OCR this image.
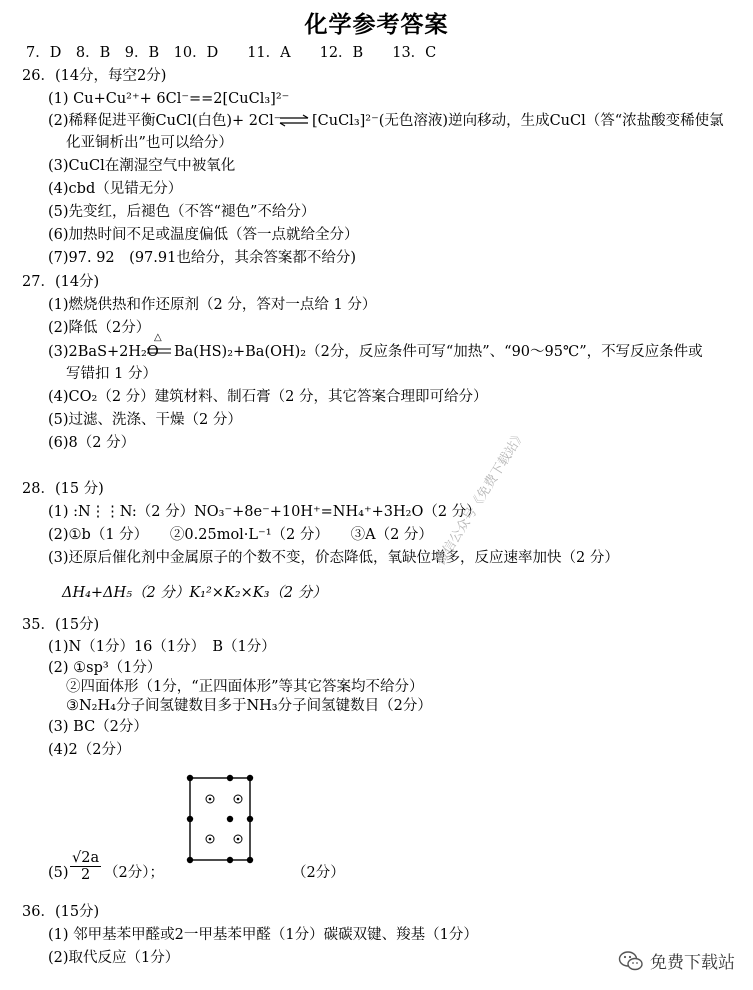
化学参考答案
7．D　8．B　9．B　10．D　　11．A　　12．B　　13．C
26．(14分，每空2分)
(1) Cu+Cu²⁺+ 6Cl⁻==2[CuCl₃]²⁻
(2)稀释促进平衡CuCl(白色)+ 2Cl⁻ ⇌ [CuCl₃]²⁻(无色溶液)逆向移动，生成CuCl（答“浓盐酸变稀使氯
化亚铜析出”也可以给分）
(3)CuCl在潮湿空气中被氧化
(4)cbd（见错无分）
(5)先变红，后褪色（不答“褪色”不给分）
(6)加热时间不足或温度偏低（答一点就给全分）
(7)97. 92　(97.91也给分，其余答案都不给分)
27．(14分)
(1)燃烧供热和作还原剂（2 分，答对一点给 1 分）
(2)降低（2分）
(3)2BaS+2H₂O
△
Ba(HS)₂+Ba(OH)₂（2分，反应条件可写“加热”、“90～95℃”，不写反应条件或
写错扣 1 分）
(4)CO₂（2 分）建筑材料、制石膏（2 分，其它答案合理即可给分）
(5)过滤、洗涤、干燥（2 分）
(6)8（2 分）
28．(15 分)
(1) :N⋮⋮N:（2 分）NO₃⁻+8e⁻+10H⁺=NH₄⁺+3H₂O（2 分）
(2)①b（1 分）　　②0.25mol·L⁻¹（2 分）　　③A（2 分）
(3)还原后催化剂中金属原子的个数不变，价态降低，氧缺位增多，反应速率加快（2 分）
ΔH₄+ΔH₅（2 分）K₁²×K₂×K₃（2 分）
35．(15分)
(1)N（1分）16（1分）　B（1分）
(2) ①sp³（1分）
②四面体形（1分，“正四面体形”等其它答案均不给分）
③N₂H₄分子间氢键数目多于NH₃分子间氢键数目（2分）
(3) BC（2分）
(4)2（2分）
$(5) \frac{√2a}{2} (2$分）；	（2分）
36．(15分)
(1) 邻甲基苯甲醛或2一甲基苯甲醛（1分）碳碳双键、羧基（1分）
(2)取代反应（1分）
微信公众号《免费下载站》
免费下载站
